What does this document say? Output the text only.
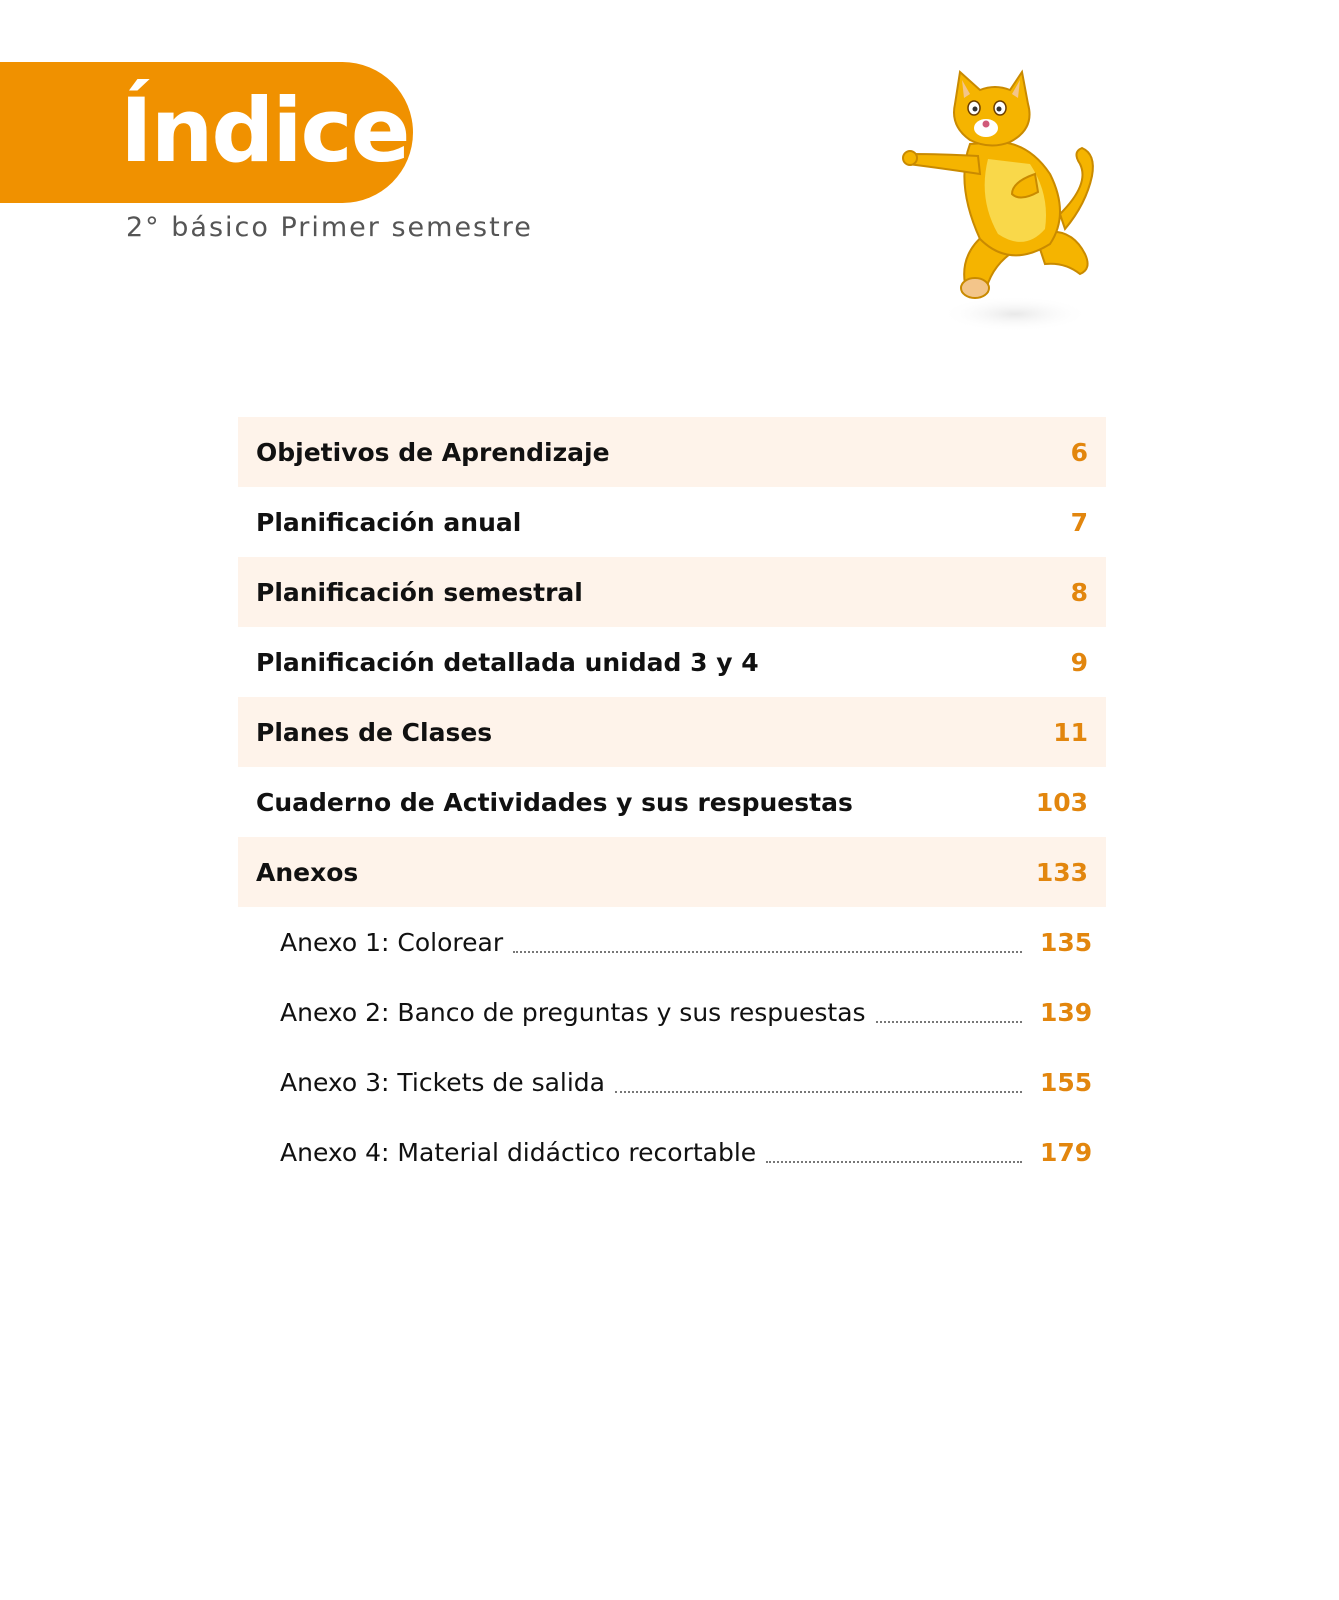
Índice
2° básico Primer semestre
Objetivos de Aprendizaje	6
Planificación anual	7
Planificación semestral	8
Planificación detallada unidad 3 y 4	9
Planes de Clases	11
Cuaderno de Actividades y sus respuestas	103
Anexos	133
Anexo 1: Colorear	135
Anexo 2: Banco de preguntas y sus respuestas	139
Anexo 3: Tickets de salida	155
Anexo 4: Material didáctico recortable	179
